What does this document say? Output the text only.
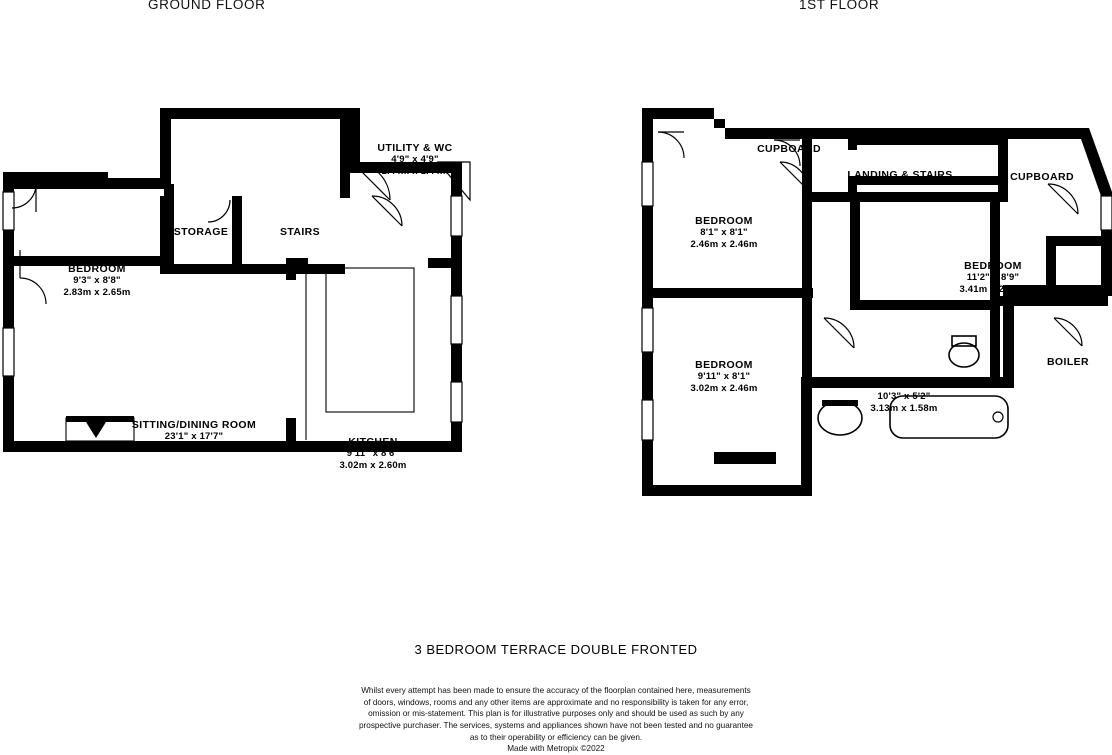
GROUND FLOOR	1ST FLOOR
UTILITY & WC
4'9" x 4'9"
1.44m x 1.44m
STORAGE	STAIRS
BEDROOM
9'3" x 8'8"
2.83m x 2.65m
SITTING/DINING ROOM
23'1" x 17'7"
7.03m x 5.36m
KITCHEN
9'11" x 8'6"
3.02m x 2.60m
CUPBOARD
LANDING & STAIRS	CUPBOARD
BEDROOM
8'1" x 8'1"
2.46m x 2.46m
BEDROOM
11'2" x 8'9"
3.41m x 2.67m
BEDROOM
9'11" x 8'1"
3.02m x 2.46m
BOILER
BATHROOM
10'3" x 5'2"
3.13m x 1.58m
3 BEDROOM TERRACE DOUBLE FRONTED
Whilst every attempt has been made to ensure the accuracy of the floorplan contained here, measurements
of doors, windows, rooms and any other items are approximate and no responsibility is taken for any error,
omission or mis-statement. This plan is for illustrative purposes only and should be used as such by any
prospective purchaser. The services, systems and appliances shown have not been tested and no guarantee
as to their operability or efficiency can be given.
Made with Metropix ©2022
